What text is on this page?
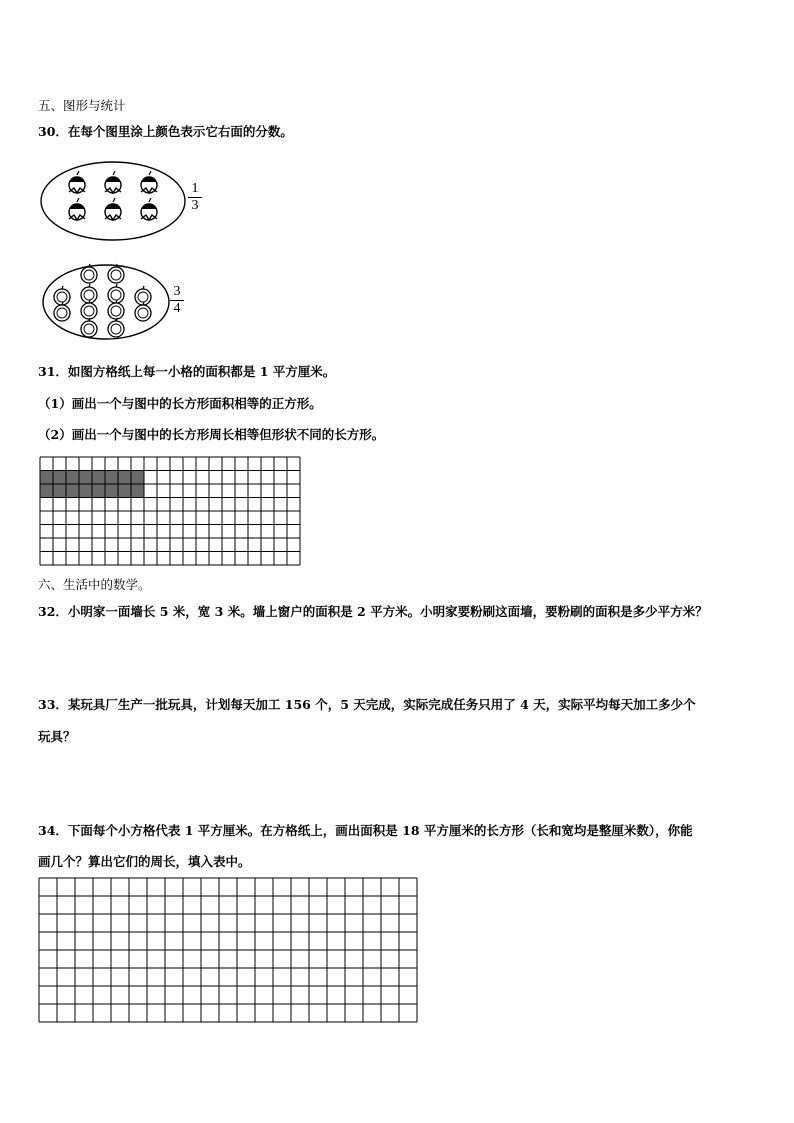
五、图形与统计
30．在每个图里涂上颜色表示它右面的分数。
1
3
3
4
31．如图方格纸上每一小格的面积都是 1 平方厘米。
（1）画出一个与图中的长方形面积相等的正方形。
（2）画出一个与图中的长方形周长相等但形状不同的长方形。
六、生活中的数学。
32．小明家一面墙长 5 米，宽 3 米。墙上窗户的面积是 2 平方米。小明家要粉刷这面墙，要粉刷的面积是多少平方米？
33．某玩具厂生产一批玩具，计划每天加工 156 个，5 天完成，实际完成任务只用了 4 天，实际平均每天加工多少个
玩具？
34．下面每个小方格代表 1 平方厘米。在方格纸上，画出面积是 18 平方厘米的长方形（长和宽均是整厘米数），你能
画几个？算出它们的周长，填入表中。
